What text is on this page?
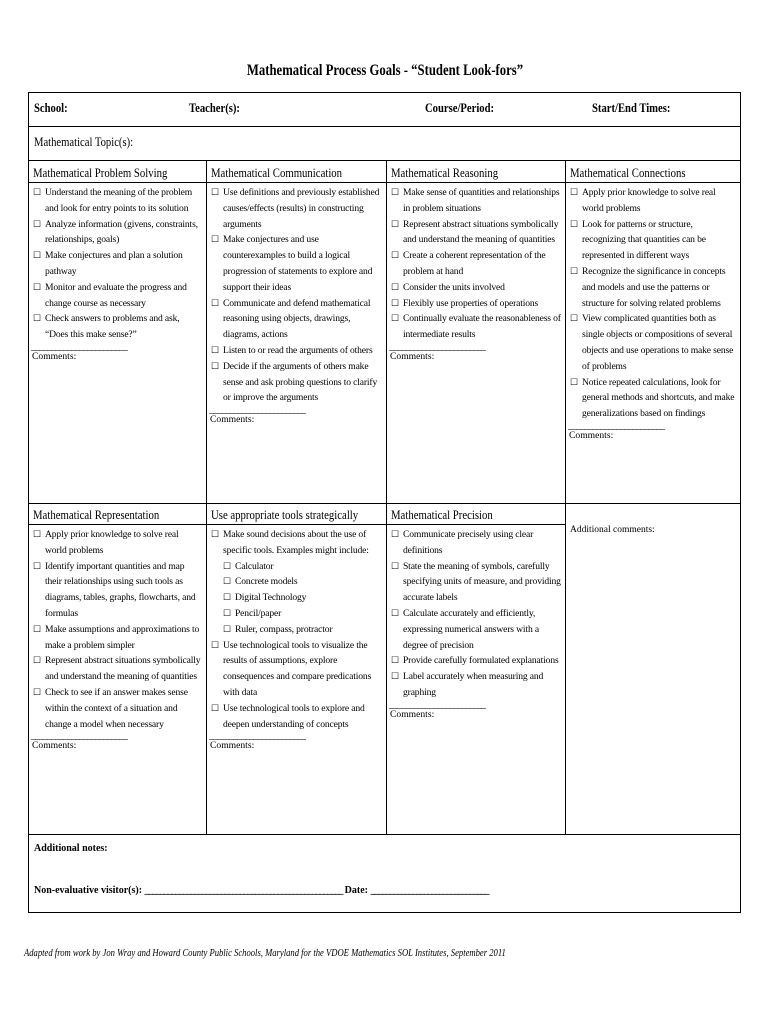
Mathematical Process Goals - “Student Look-fors”
School:	Teacher(s):	Course/Period:	Start/End Times:
Mathematical Topic(s):
Mathematical Problem Solving
☐ Understand the meaning of the problem and look for entry points to its solution
☐ Analyze information (givens, constraints, relationships, goals)
☐ Make conjectures and plan a solution pathway
☐ Monitor and evaluate the progress and change course as necessary
☐ Check answers to problems and ask, “Does this make sense?”
________________________
Comments:
Mathematical Communication
☐ Use definitions and previously established causes/effects (results) in constructing arguments
☐ Make conjectures and use counterexamples to build a logical progression of statements to explore and support their ideas
☐ Communicate and defend mathematical reasoning using objects, drawings, diagrams, actions
☐ Listen to or read the arguments of others
☐ Decide if the arguments of others make sense and ask probing questions to clarify or improve the arguments
________________________
Comments:
Mathematical Reasoning
☐ Make sense of quantities and relationships in problem situations
☐ Represent abstract situations symbolically and understand the meaning of quantities
☐ Create a coherent representation of the problem at hand
☐ Consider the units involved
☐ Flexibly use properties of operations
☐ Continually evaluate the reasonableness of intermediate results
________________________
Comments:
Mathematical Connections
☐ Apply prior knowledge to solve real world problems
☐ Look for patterns or structure, recognizing that quantities can be represented in different ways
☐ Recognize the significance in concepts and models and use the patterns or structure for solving related problems
☐ View complicated quantities both as single objects or compositions of several objects and use operations to make sense of problems
☐ Notice repeated calculations, look for general methods and shortcuts, and make generalizations based on findings
________________________
Comments:
Mathematical Representation
☐ Apply prior knowledge to solve real world problems
☐ Identify important quantities and map their relationships using such tools as diagrams, tables, graphs, flowcharts, and formulas
☐ Make assumptions and approximations to make a problem simpler
☐ Represent abstract situations symbolically and understand the meaning of quantities
☐ Check to see if an answer makes sense within the context of a situation and change a model when necessary
________________________
Comments:
Use appropriate tools strategically
☐ Make sound decisions about the use of specific tools. Examples might include:
☐ Calculator
☐ Concrete models
☐ Digital Technology
☐ Pencil/paper
☐ Ruler, compass, protractor
☐ Use technological tools to visualize the results of assumptions, explore consequences and compare predications with data
☐ Use technological tools to explore and deepen understanding of concepts
________________________
Comments:
Mathematical Precision
☐ Communicate precisely using clear definitions
☐ State the meaning of symbols, carefully specifying units of measure, and providing accurate labels
☐ Calculate accurately and efficiently, expressing numerical answers with a degree of precision
☐ Provide carefully formulated explanations
☐ Label accurately when measuring and graphing
________________________
Comments:
Additional comments:
Additional notes:
Non-evaluative visitor(s): ____________________________________________________ Date: _______________________________
Adapted from work by Jon Wray and Howard County Public Schools, Maryland for the VDOE Mathematics SOL Institutes, September 2011
